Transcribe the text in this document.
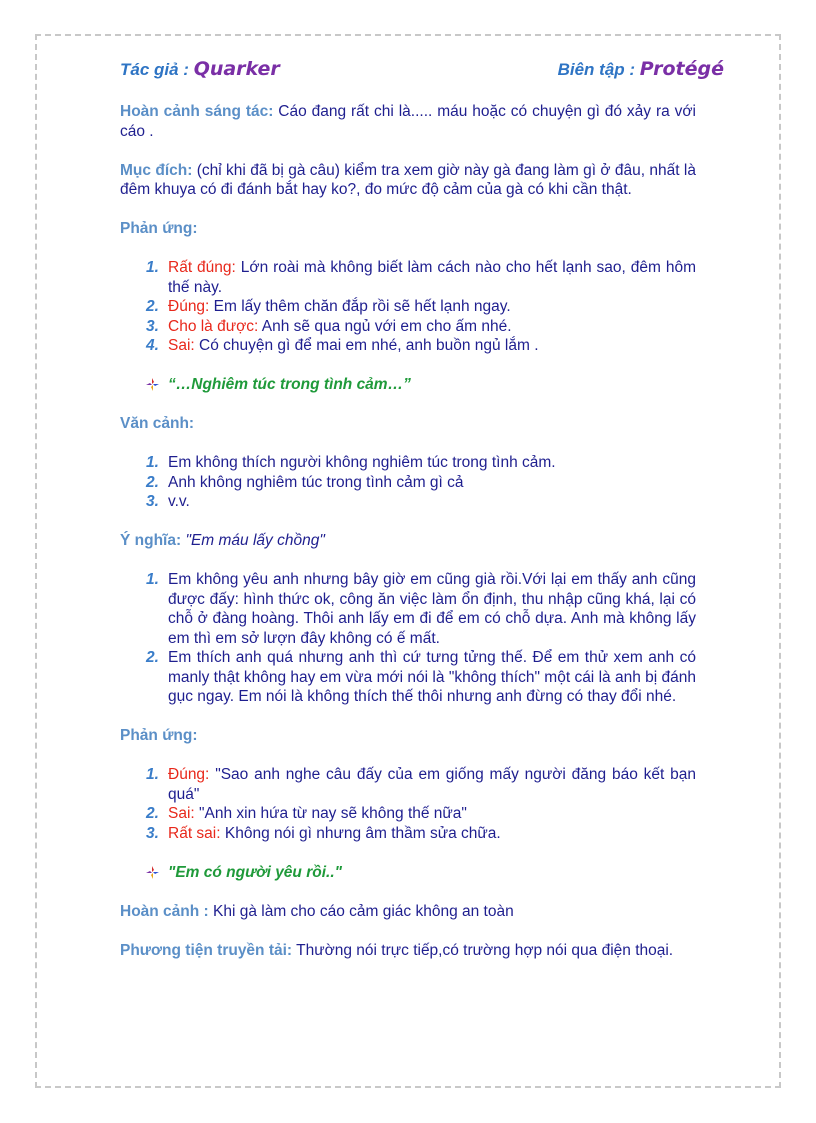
Tác giả : Quarker	Biên tập : Protégé

Hoàn cảnh sáng tác: Cáo đang rất chi là..... máu hoặc có chuyện gì đó xảy ra với cáo .

Mục đích: (chỉ khi đã bị gà câu) kiểm tra xem giờ này gà đang làm gì ở đâu, nhất là đêm khuya có đi đánh bắt hay ko?, đo mức độ cảm của gà có khi cần thật.

Phản ứng:

1. Rất đúng: Lớn roài mà không biết làm cách nào cho hết lạnh sao, đêm hôm thế này.
2. Đúng: Em lấy thêm chăn đắp rồi sẽ hết lạnh ngay.
3. Cho là được: Anh sẽ qua ngủ với em cho ấm nhé.
4. Sai: Có chuyện gì để mai em nhé, anh buồn ngủ lắm .
“…Nghiêm túc trong tình cảm…”

Văn cảnh:

1. Em không thích người không nghiêm túc trong tình cảm.
2. Anh không nghiêm túc trong tình cảm gì cả
3. v.v.

Ý nghĩa: "Em máu lấy chồng"

1. Em không yêu anh nhưng bây giờ em cũng già rồi.Với lại em thấy anh cũng được đấy: hình thức ok, công ăn việc làm ổn định, thu nhập cũng khá, lại có chỗ ở đàng hoàng. Thôi anh lấy em đi để em có chỗ dựa. Anh mà không lấy em thì em sở lượn đây không có ế mất.
2. Em thích anh quá nhưng anh thì cứ tưng tửng thế. Để em thử xem anh có manly thật không hay em vừa mới nói là "không thích" một cái là anh bị đánh gục ngay. Em nói là không thích thế thôi nhưng anh đừng có thay đổi nhé.

Phản ứng:

1. Đúng: "Sao anh nghe câu đấy của em giống mấy người đăng báo kết bạn quá"
2. Sai: "Anh xin hứa từ nay sẽ không thế nữa"
3. Rất sai: Không nói gì nhưng âm thầm sửa chữa.
"Em có người yêu rồi.."

Hoàn cảnh : Khi gà làm cho cáo cảm giác không an toàn

Phương tiện truyền tải: Thường nói trực tiếp,có trường hợp nói qua điện thoại.
